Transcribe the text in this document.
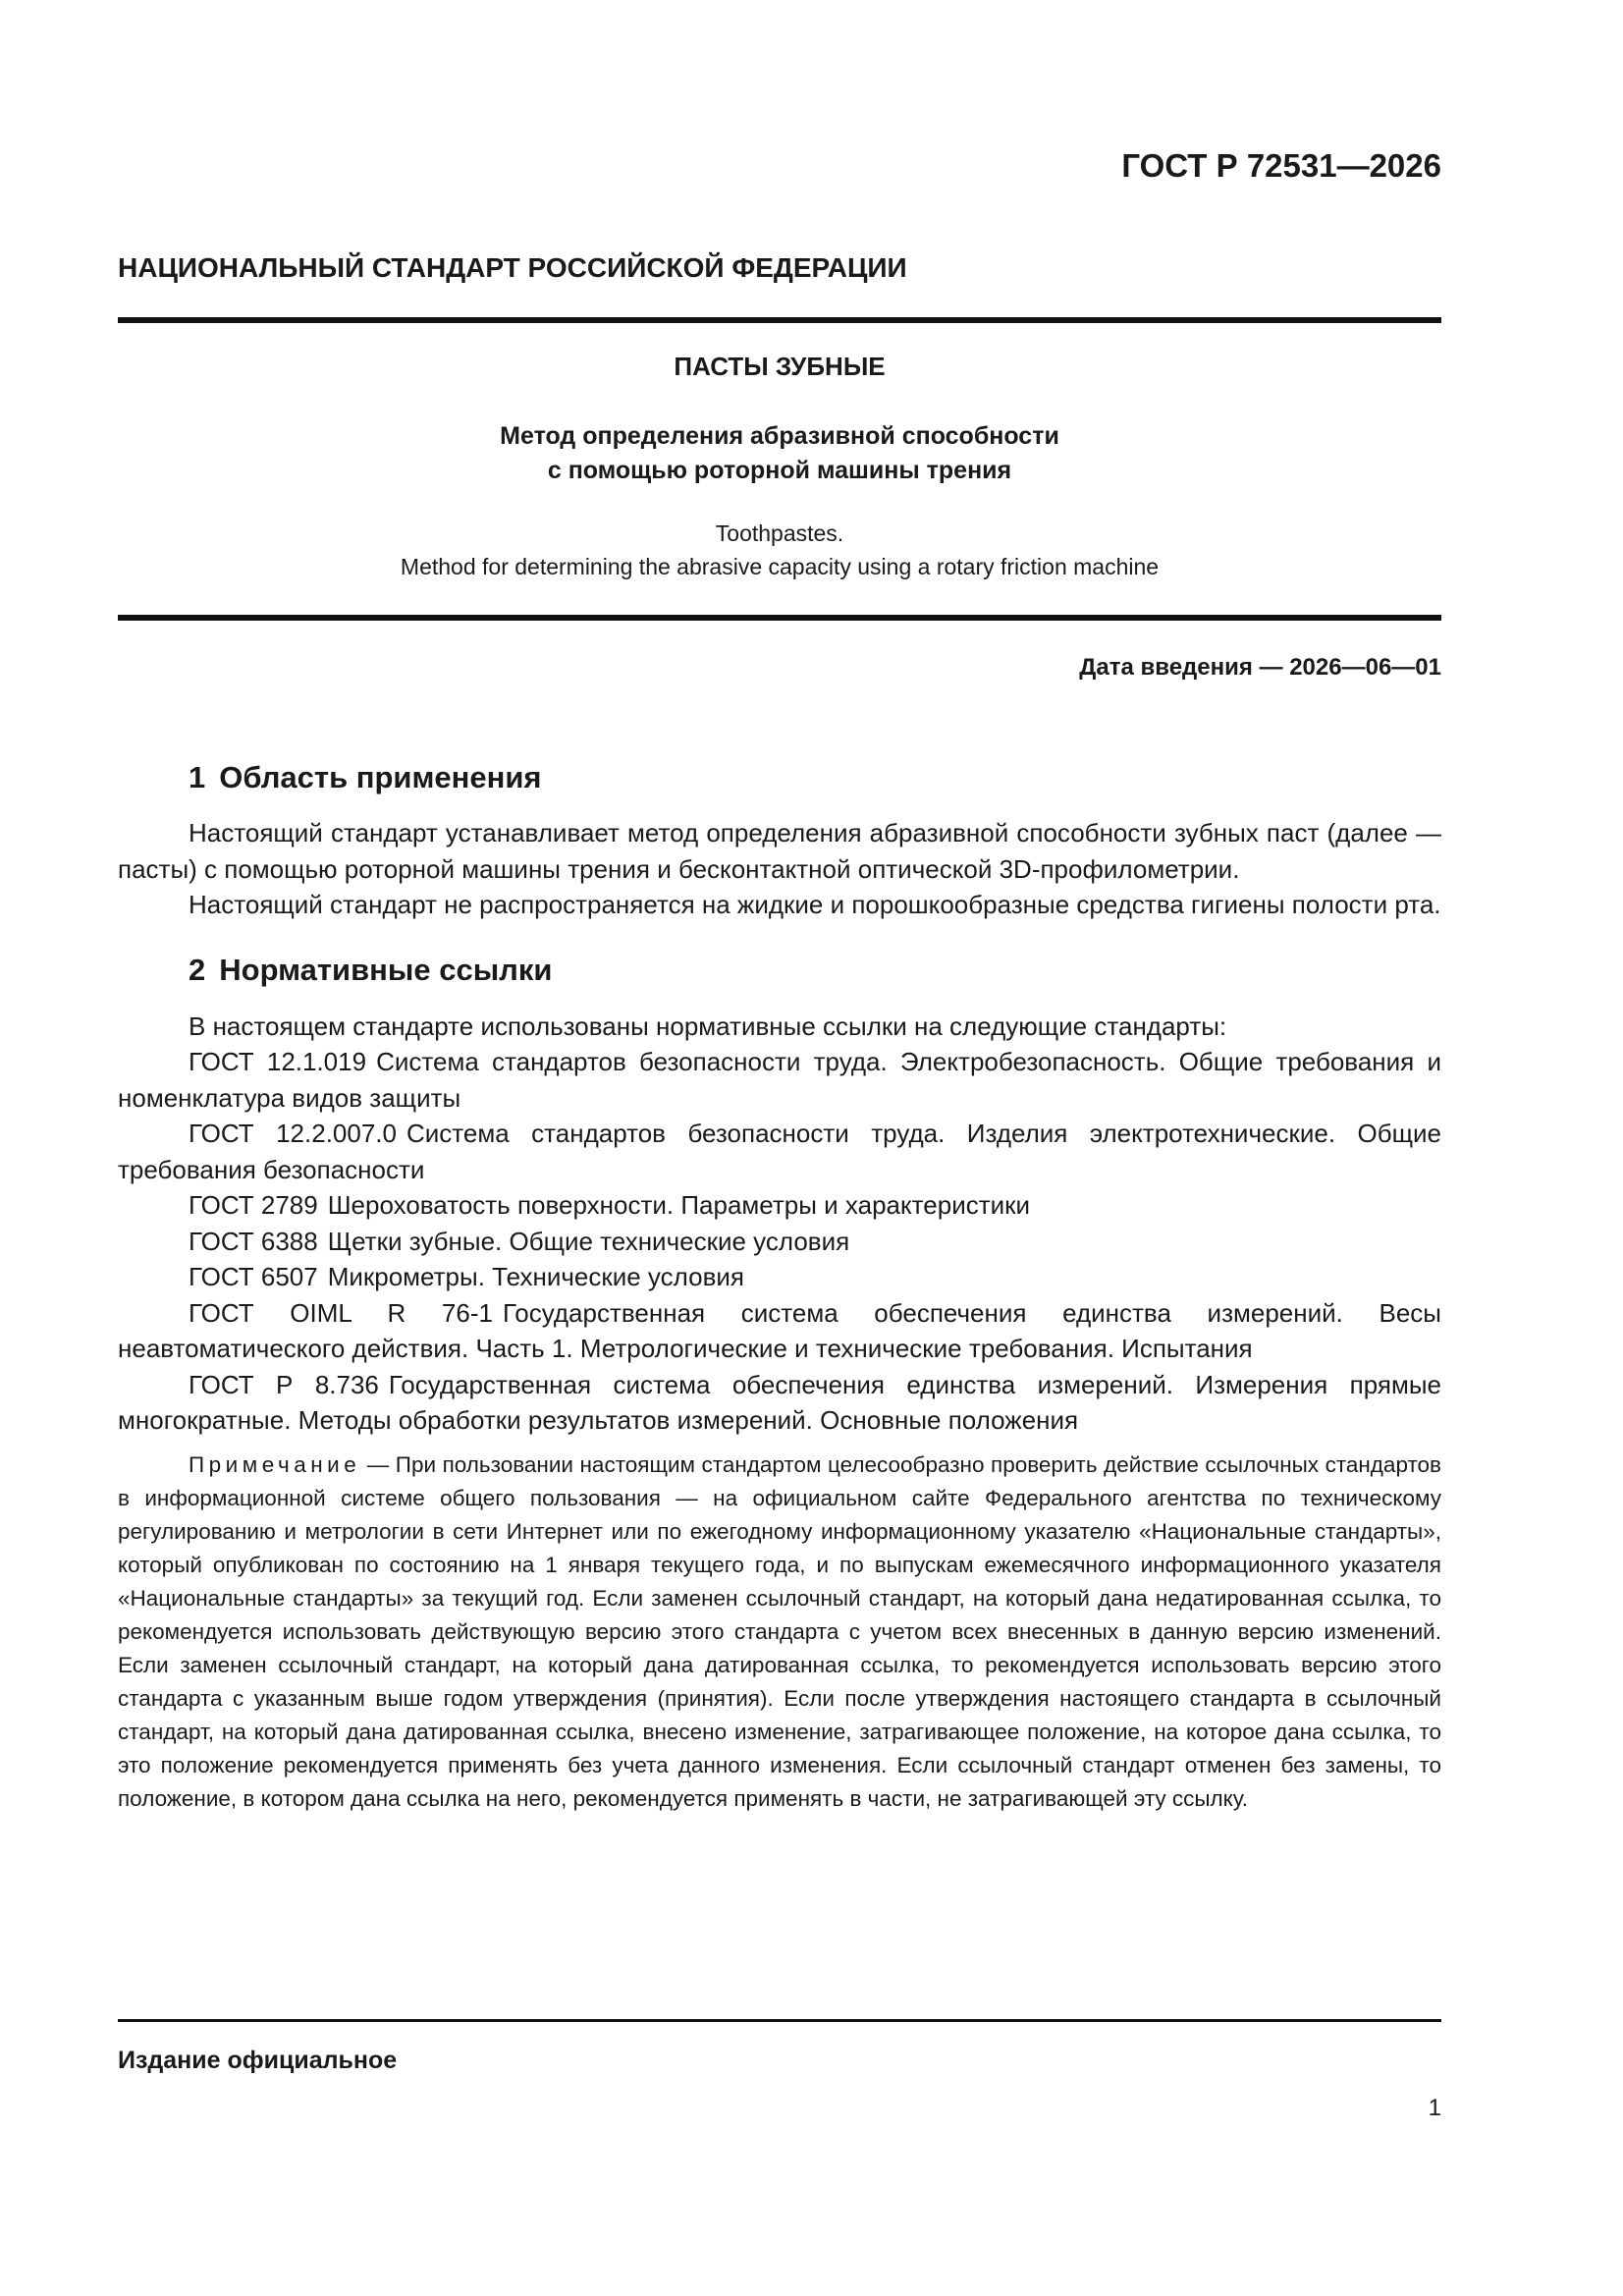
ГОСТ Р 72531—2026

НАЦИОНАЛЬНЫЙ СТАНДАРТ РОССИЙСКОЙ ФЕДЕРАЦИИ

ПАСТЫ ЗУБНЫЕ

Метод определения абразивной способности
с помощью роторной машины трения

Toothpastes.
Method for determining the abrasive capacity using a rotary friction machine

Дата введения — 2026—06—01

1 Область применения

Настоящий стандарт устанавливает метод определения абразивной способности зубных паст (далее — пасты) с помощью роторной машины трения и бесконтактной оптической 3D-профилометрии.

Настоящий стандарт не распространяется на жидкие и порошкообразные средства гигиены полости рта.

2 Нормативные ссылки

В настоящем стандарте использованы нормативные ссылки на следующие стандарты:

ГОСТ 12.1.019 Система стандартов безопасности труда. Электробезопасность. Общие требования и номенклатура видов защиты

ГОСТ 12.2.007.0 Система стандартов безопасности труда. Изделия электротехнические. Общие требования безопасности

ГОСТ 2789 Шероховатость поверхности. Параметры и характеристики

ГОСТ 6388 Щетки зубные. Общие технические условия

ГОСТ 6507 Микрометры. Технические условия

ГОСТ OIML R 76-1 Государственная система обеспечения единства измерений. Весы неавтоматического действия. Часть 1. Метрологические и технические требования. Испытания

ГОСТ Р 8.736 Государственная система обеспечения единства измерений. Измерения прямые многократные. Методы обработки результатов измерений. Основные положения

Примечание — При пользовании настоящим стандартом целесообразно проверить действие ссылочных стандартов в информационной системе общего пользования — на официальном сайте Федерального агентства по техническому регулированию и метрологии в сети Интернет или по ежегодному информационному указателю «Национальные стандарты», который опубликован по состоянию на 1 января текущего года, и по выпускам ежемесячного информационного указателя «Национальные стандарты» за текущий год. Если заменен ссылочный стандарт, на который дана недатированная ссылка, то рекомендуется использовать действующую версию этого стандарта с учетом всех внесенных в данную версию изменений. Если заменен ссылочный стандарт, на который дана датированная ссылка, то рекомендуется использовать версию этого стандарта с указанным выше годом утверждения (принятия). Если после утверждения настоящего стандарта в ссылочный стандарт, на который дана датированная ссылка, внесено изменение, затрагивающее положение, на которое дана ссылка, то это положение рекомендуется применять без учета данного изменения. Если ссылочный стандарт отменен без замены, то положение, в котором дана ссылка на него, рекомендуется применять в части, не затрагивающей эту ссылку.

Издание официальное

1
